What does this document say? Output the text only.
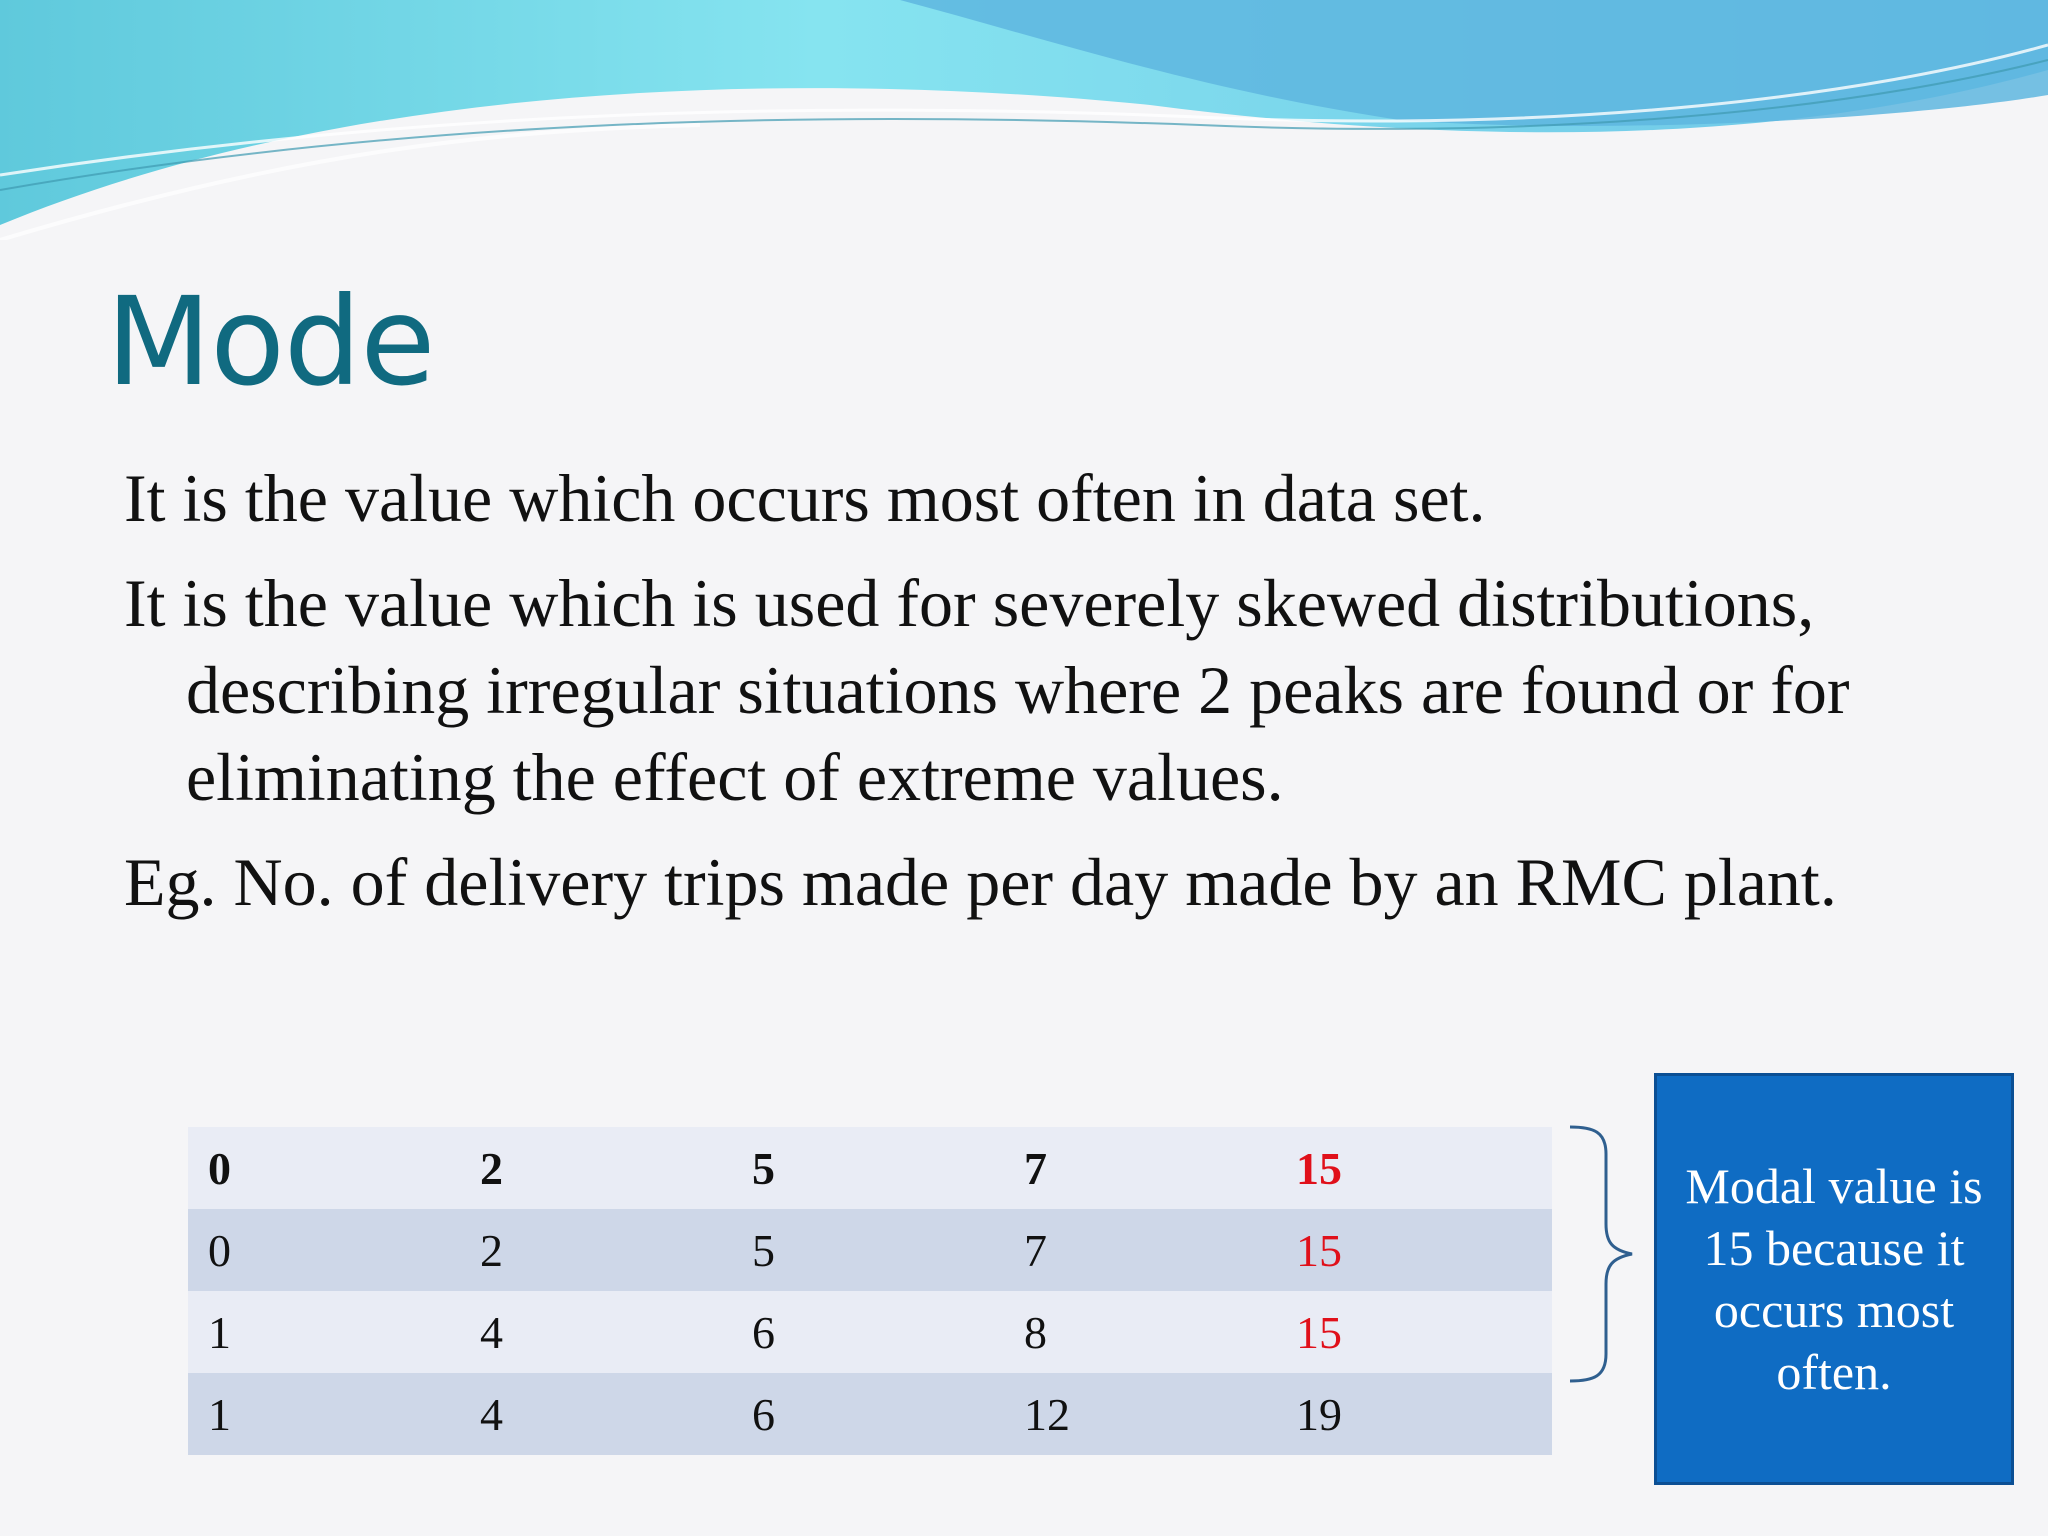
Mode
It is the value which occurs most often in data set.
It is the value which is used for severely skewed distributions, describing irregular situations where 2 peaks are found or for eliminating the effect of extreme values.
Eg. No. of delivery trips made per day made by an RMC plant.
0	2	5	7	15
0	2	5	7	15
1	4	6	8	15
1	4	6	12	19
Modal value is 15 because it occurs most often.
